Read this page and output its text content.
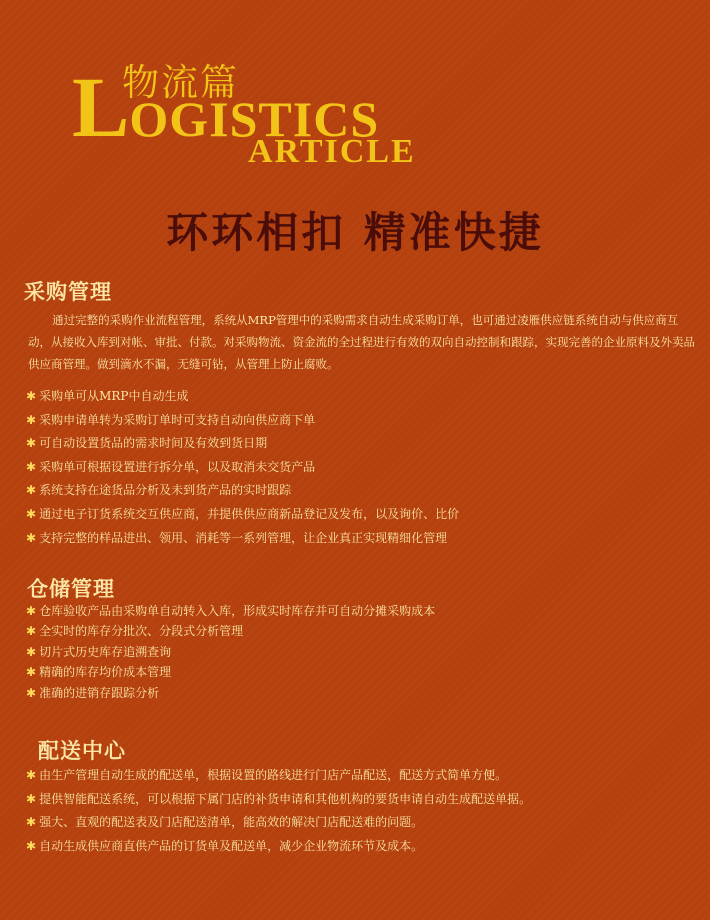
物流篇
LOGISTICS
ARTICLE
环环相扣 精准快捷
采购管理
通过完整的采购作业流程管理，系统从MRP管理中的采购需求自动生成采购订单，也可通过凌雁供应链系统自动与供应商互动，从接收入库到对帐、审批、付款。对采购物流、资金流的全过程进行有效的双向自动控制和跟踪，实现完善的企业原料及外卖品供应商管理。做到滴水不漏，无缝可钻，从管理上防止腐败。
✱ 采购单可从MRP中自动生成
✱ 采购申请单转为采购订单时可支持自动向供应商下单
✱ 可自动设置货品的需求时间及有效到货日期
✱ 采购单可根据设置进行拆分单，以及取消未交货产品
✱ 系统支持在途货品分析及未到货产品的实时跟踪
✱ 通过电子订货系统交互供应商，并提供供应商新品登记及发布，以及询价、比价
✱ 支持完整的样品进出、领用、消耗等一系列管理，让企业真正实现精细化管理
仓储管理
✱ 仓库验收产品由采购单自动转入入库，形成实时库存并可自动分摊采购成本
✱ 全实时的库存分批次、分段式分析管理
✱ 切片式历史库存追溯查询
✱ 精确的库存均价成本管理
✱ 准确的进销存跟踪分析
配送中心
✱ 由生产管理自动生成的配送单，根据设置的路线进行门店产品配送，配送方式简单方便。
✱ 提供智能配送系统，可以根据下属门店的补货申请和其他机构的要货申请自动生成配送单据。
✱ 强大、直观的配送表及门店配送清单，能高效的解决门店配送难的问题。
✱ 自动生成供应商直供产品的订货单及配送单，减少企业物流环节及成本。
